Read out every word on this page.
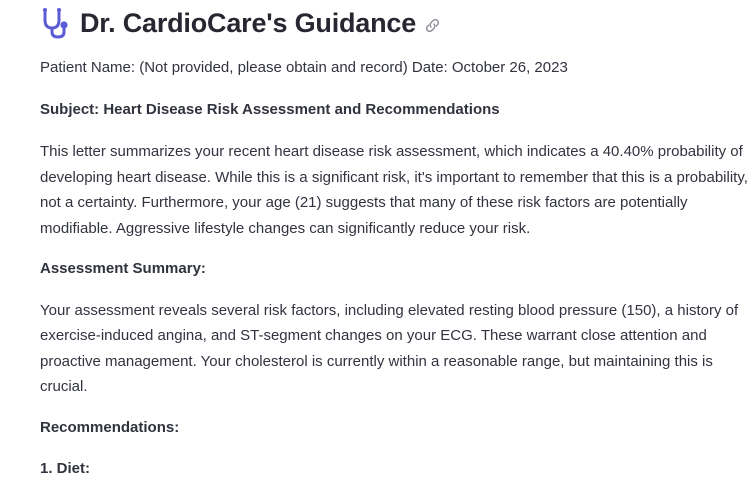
Dr. CardioCare's Guidance

Patient Name: (Not provided, please obtain and record) Date: October 26, 2023

Subject: Heart Disease Risk Assessment and Recommendations

This letter summarizes your recent heart disease risk assessment, which indicates a 40.40% probability of developing heart disease. While this is a significant risk, it's important to remember that this is a probability, not a certainty. Furthermore, your age (21) suggests that many of these risk factors are potentially modifiable. Aggressive lifestyle changes can significantly reduce your risk.

Assessment Summary:

Your assessment reveals several risk factors, including elevated resting blood pressure (150), a history of exercise-induced angina, and ST-segment changes on your ECG. These warrant close attention and proactive management. Your cholesterol is currently within a reasonable range, but maintaining this is crucial.

Recommendations:

1. Diet:
